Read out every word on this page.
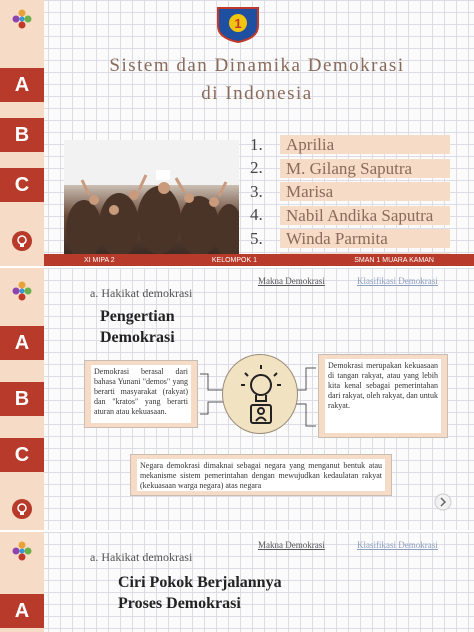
A
B
C
1
Sistem dan Dinamika Demokrasi
di Indonesia
1.	Aprilia
2.	M. Gilang Saputra
3.	Marisa
4.	Nabil Andika Saputra
5.	Winda Parmita
XI MIPA 2	KELOMPOK 1	SMAN 1 MUARA KAMAN
A
B
C
Makna Demokrasi	Klasifikasi Demokrasi
a. Hakikat demokrasi
Pengertian
Demokrasi
Demokrasi berasal dari bahasa Yunani "demos" yang berarti masyarakat (rakyat) dan "kratos" yang berarti aturan atau kekuasaan.
Demokrasi merupakan kekuasaan di tangan rakyat, atau yang lebih kita kenal sebagai pemerintahan dari rakyat, oleh rakyat, dan untuk rakyat.
Negara demokrasi dimaknai sebagai negara yang menganut bentuk atau mekanisme sistem pemerintahan dengan mewujudkan kedaulatan rakyat (kekuasaan warga negara) atas negara
A
Makna Demokrasi	Klasifikasi Demokrasi
a. Hakikat demokrasi
Ciri Pokok Berjalannya
Proses Demokrasi
